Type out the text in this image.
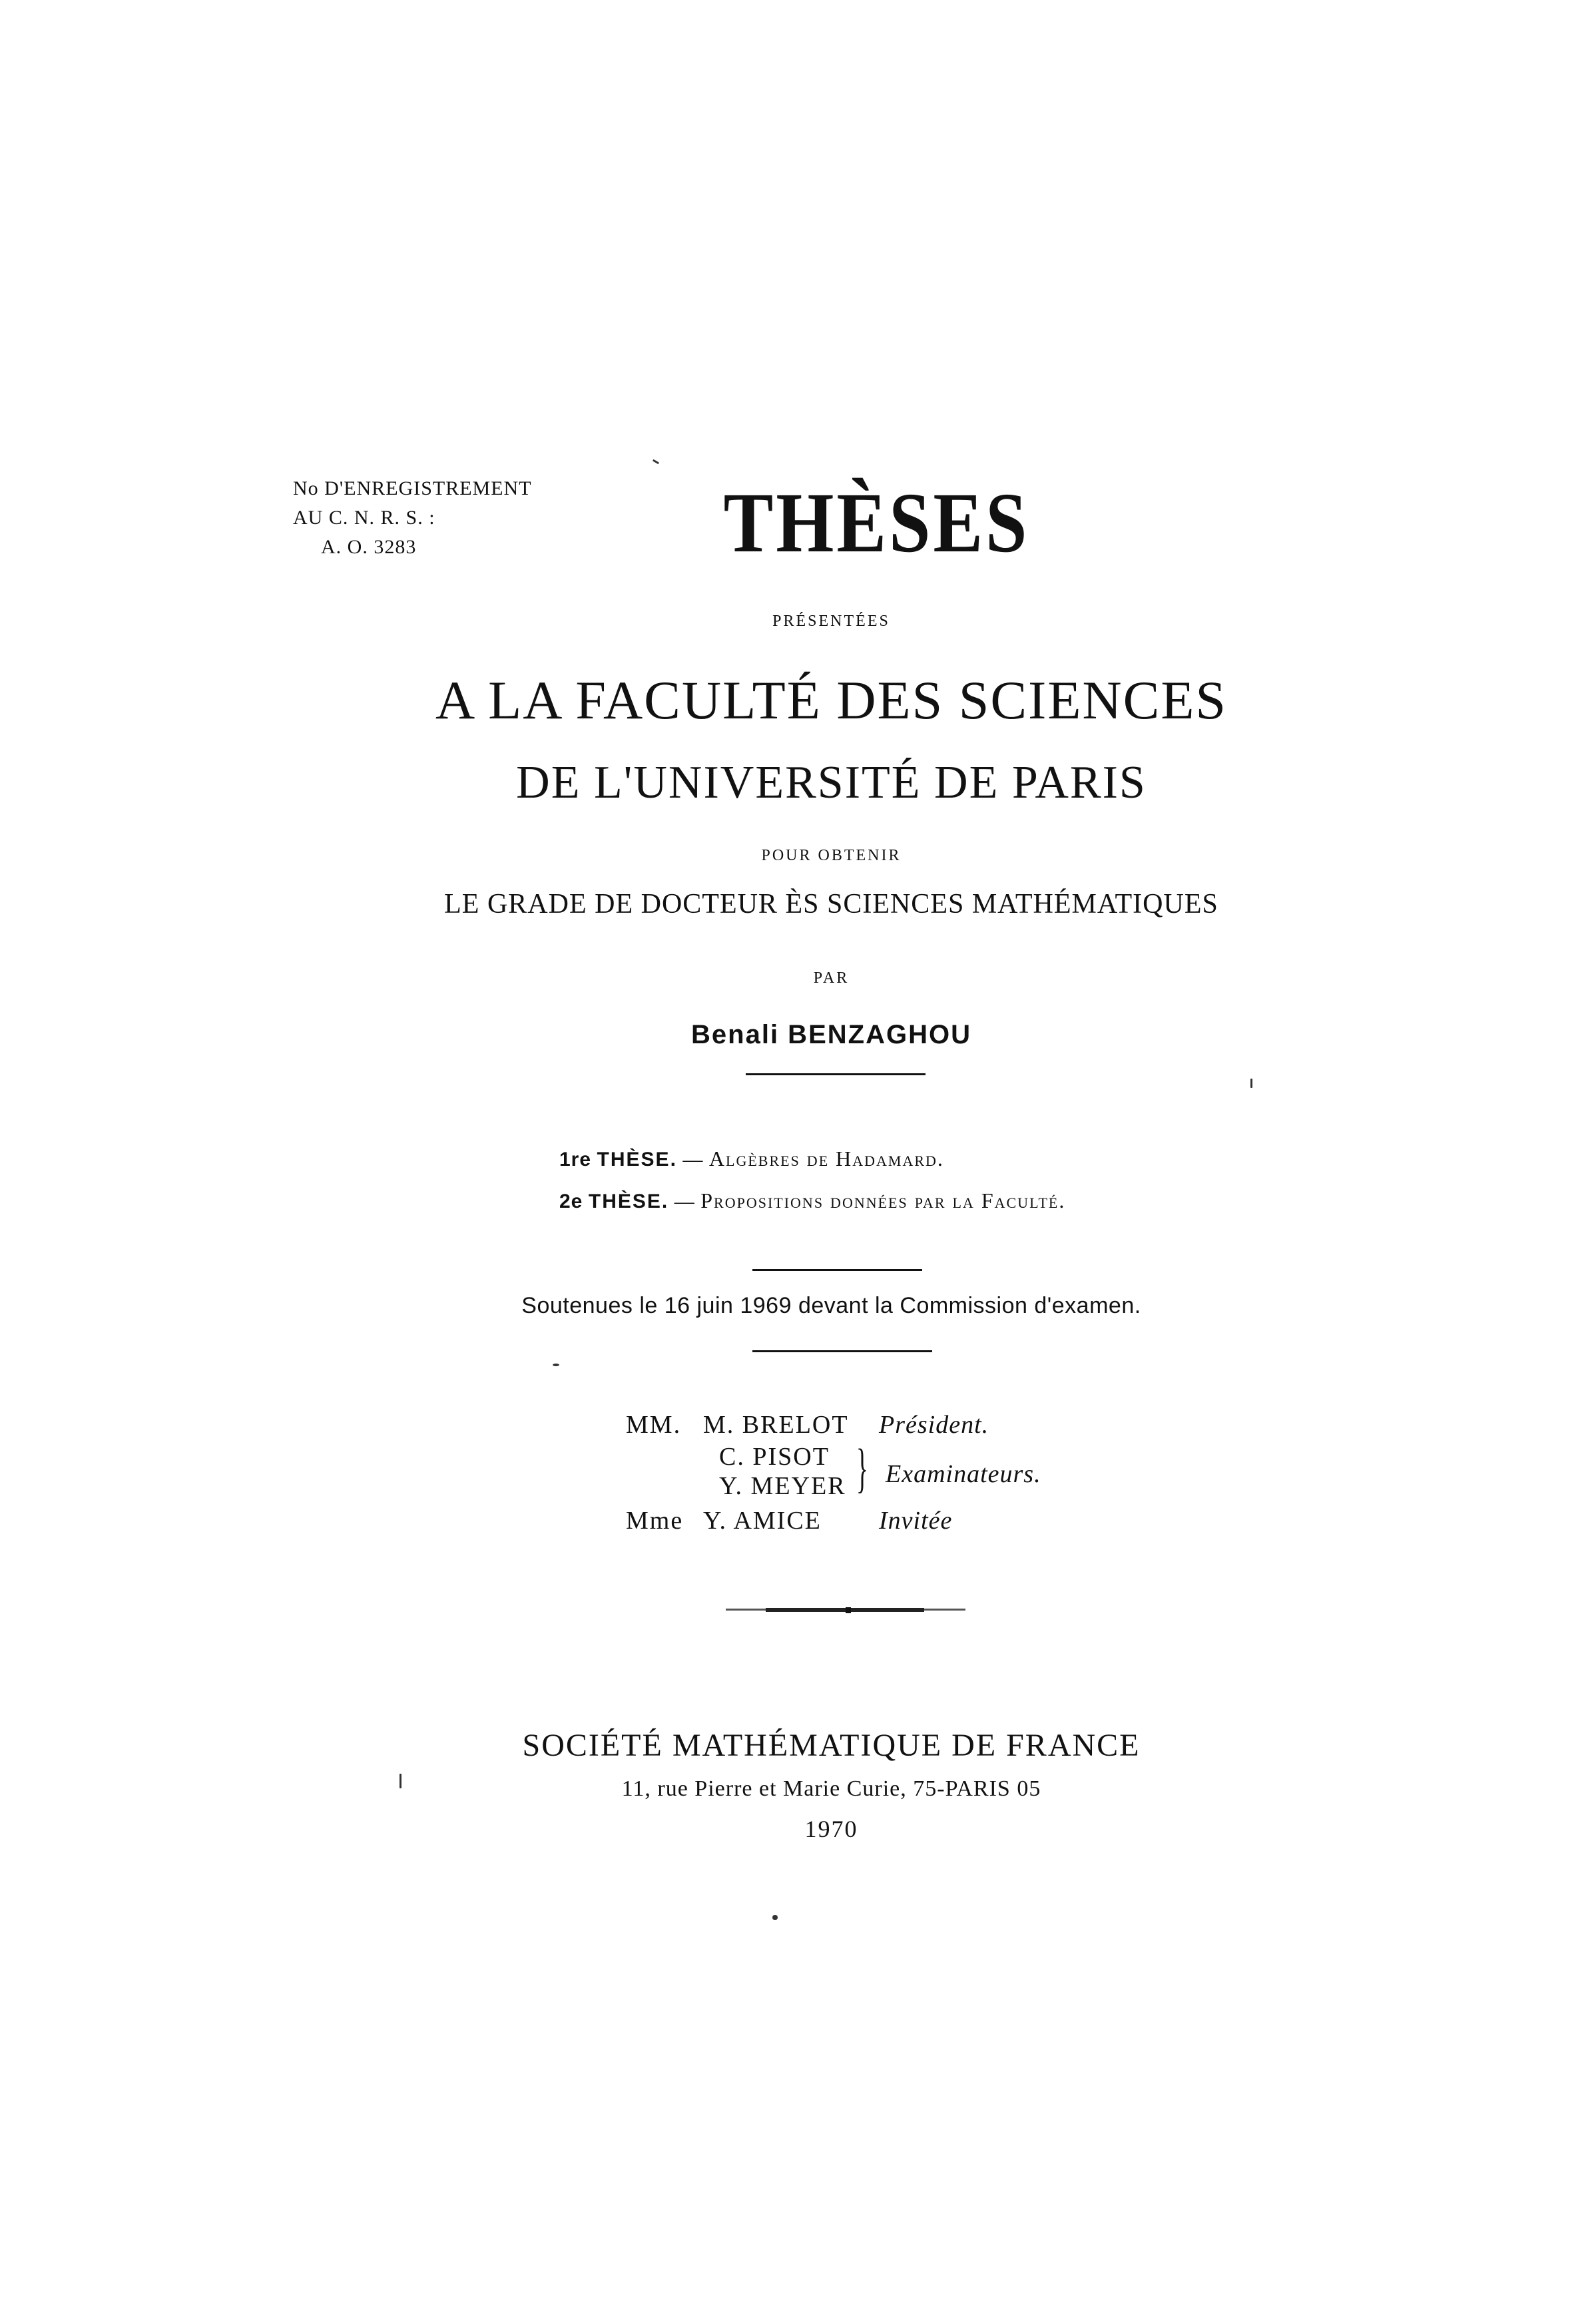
No D'ENREGISTREMENT
AU C. N. R. S. :
A. O. 3283	THÈSES
PRÉSENTÉES
A LA FACULTÉ DES SCIENCES
DE L'UNIVERSITÉ DE PARIS
POUR OBTENIR
LE GRADE DE DOCTEUR ÈS SCIENCES MATHÉMATIQUES
PAR
Benali BENZAGHOU
1re THÈSE. — Algèbres de Hadamard.
2e THÈSE. — Propositions données par la Faculté.
Soutenues le 16 juin 1969 devant la Commission d'examen.
MM. M. BRELOT Président.
C. PISOT
Y. MEYER } Examinateurs.
Mme Y. AMICE Invitée
SOCIÉTÉ MATHÉMATIQUE DE FRANCE
11, rue Pierre et Marie Curie, 75-PARIS 05
1970
